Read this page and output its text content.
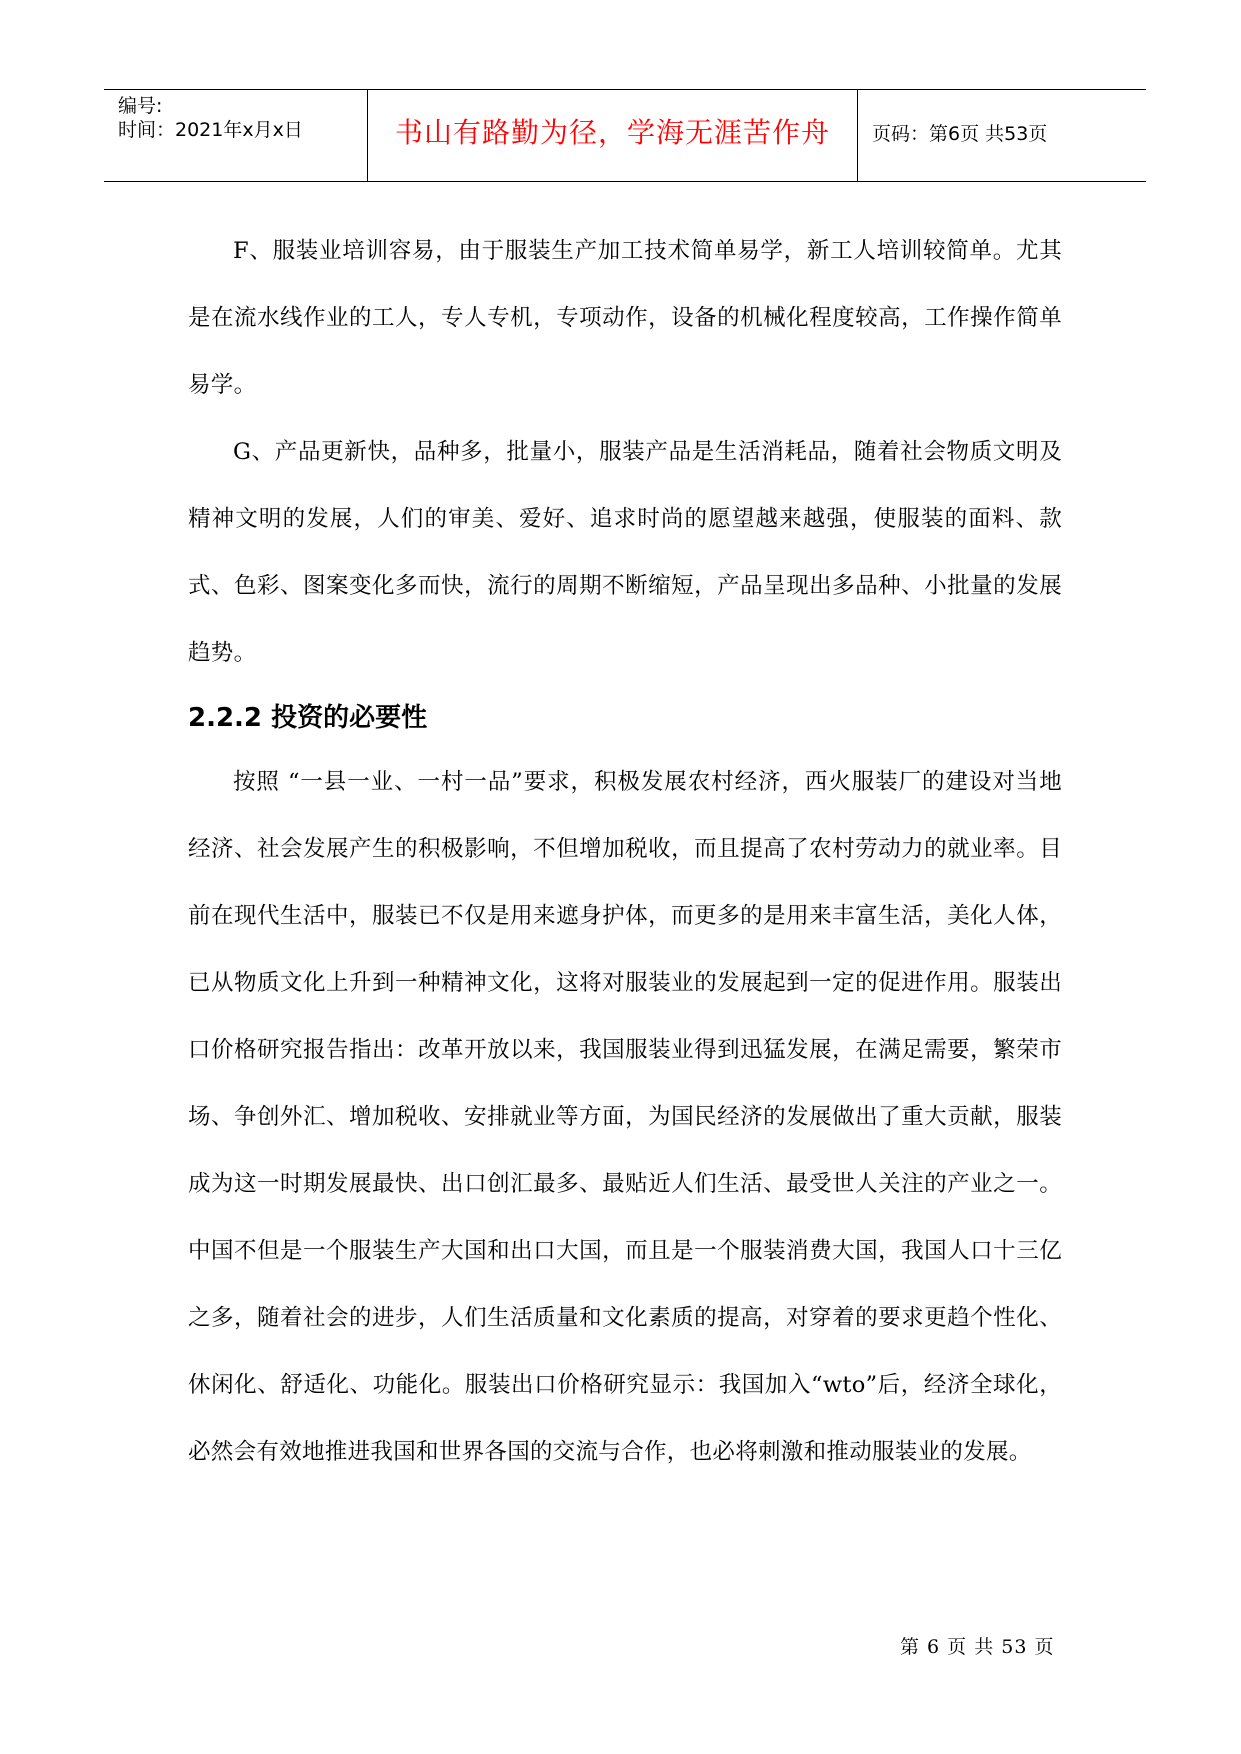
编号:
时间：2021年x月x日	书山有路勤为径，学海无涯苦作舟	页码：第6页 共53页

F、服装业培训容易，由于服装生产加工技术简单易学，新工人培训较简单。尤其是在流水线作业的工人，专人专机，专项动作，设备的机械化程度较高，工作操作简单易学。

G、产品更新快，品种多，批量小，服装产品是生活消耗品，随着社会物质文明及精神文明的发展，人们的审美、爱好、追求时尚的愿望越来越强，使服装的面料、款式、色彩、图案变化多而快，流行的周期不断缩短，产品呈现出多品种、小批量的发展趋势。

2.2.2 投资的必要性

按照 “一县一业、一村一品”要求，积极发展农村经济，西火服装厂的建设对当地经济、社会发展产生的积极影响，不但增加税收，而且提高了农村劳动力的就业率。目前在现代生活中，服装已不仅是用来遮身护体，而更多的是用来丰富生活，美化人体，已从物质文化上升到一种精神文化，这将对服装业的发展起到一定的促进作用。服装出口价格研究报告指出：改革开放以来，我国服装业得到迅猛发展，在满足需要，繁荣市场、争创外汇、增加税收、安排就业等方面，为国民经济的发展做出了重大贡献，服装成为这一时期发展最快、出口创汇最多、最贴近人们生活、最受世人关注的产业之一。中国不但是一个服装生产大国和出口大国，而且是一个服装消费大国，我国人口十三亿之多，随着社会的进步，人们生活质量和文化素质的提高，对穿着的要求更趋个性化、休闲化、舒适化、功能化。服装出口价格研究显示：我国加入“wto”后，经济全球化，必然会有效地推进我国和世界各国的交流与合作，也必将刺激和推动服装业的发展。

第 6 页 共 53 页
